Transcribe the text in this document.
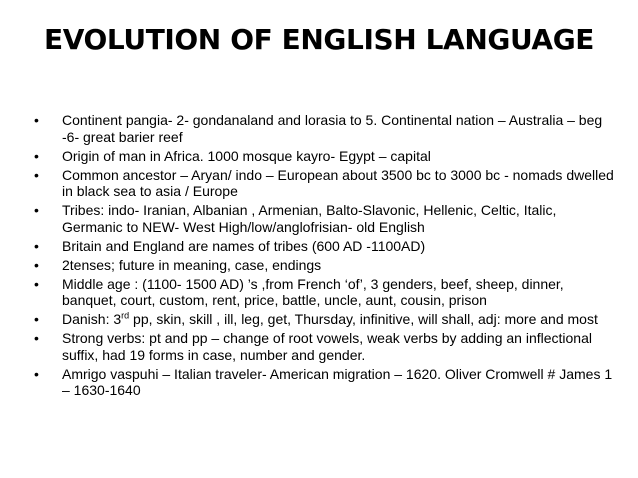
EVOLUTION OF ENGLISH LANGUAGE
• Continent pangia- 2- gondanaland and lorasia to 5. Continental nation – Australia – beg -6- great barier reef
• Origin of man in Africa. 1000 mosque kayro- Egypt – capital
• Common ancestor – Aryan/ indo – European about 3500 bc to 3000 bc - nomads dwelled in black sea to asia / Europe
• Tribes: indo- Iranian, Albanian , Armenian, Balto-Slavonic, Hellenic, Celtic, Italic, Germanic to NEW- West High/low/anglofrisian- old English
• Britain and England are names of tribes (600 AD -1100AD)
• 2tenses; future in meaning, case, endings
• Middle age : (1100- 1500 AD) ’s ,from French ‘of’, 3 genders, beef, sheep, dinner, banquet, court, custom, rent, price, battle, uncle, aunt, cousin, prison
• Danish: 3rd pp, skin, skill , ill, leg, get, Thursday, infinitive, will shall, adj: more and most
• Strong verbs: pt and pp – change of root vowels, weak verbs by adding an inflectional suffix, had 19 forms in case, number and gender.
• Amrigo vaspuhi – Italian traveler- American migration – 1620. Oliver Cromwell # James 1 – 1630-1640
